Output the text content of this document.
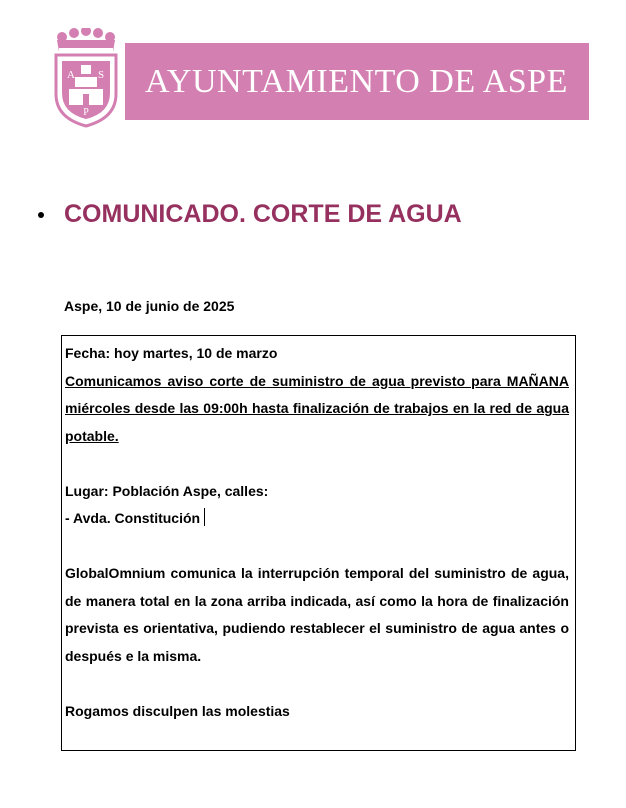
A S
P
AYUNTAMIENTO DE ASPE
COMUNICADO. CORTE DE AGUA
Aspe, 10 de junio de 2025

Fecha: hoy martes, 10 de marzo

Comunicamos aviso corte de suministro de agua previsto para MAÑANA miércoles desde las 09:00h hasta finalización de trabajos en la red de agua potable.

Lugar: Población Aspe, calles:

- Avda. Constitución

GlobalOmnium comunica la interrupción temporal del suministro de agua, de manera total en la zona arriba indicada, así como la hora de finalización prevista es orientativa, pudiendo restablecer el suministro de agua antes o después e la misma.

Rogamos disculpen las molestias
